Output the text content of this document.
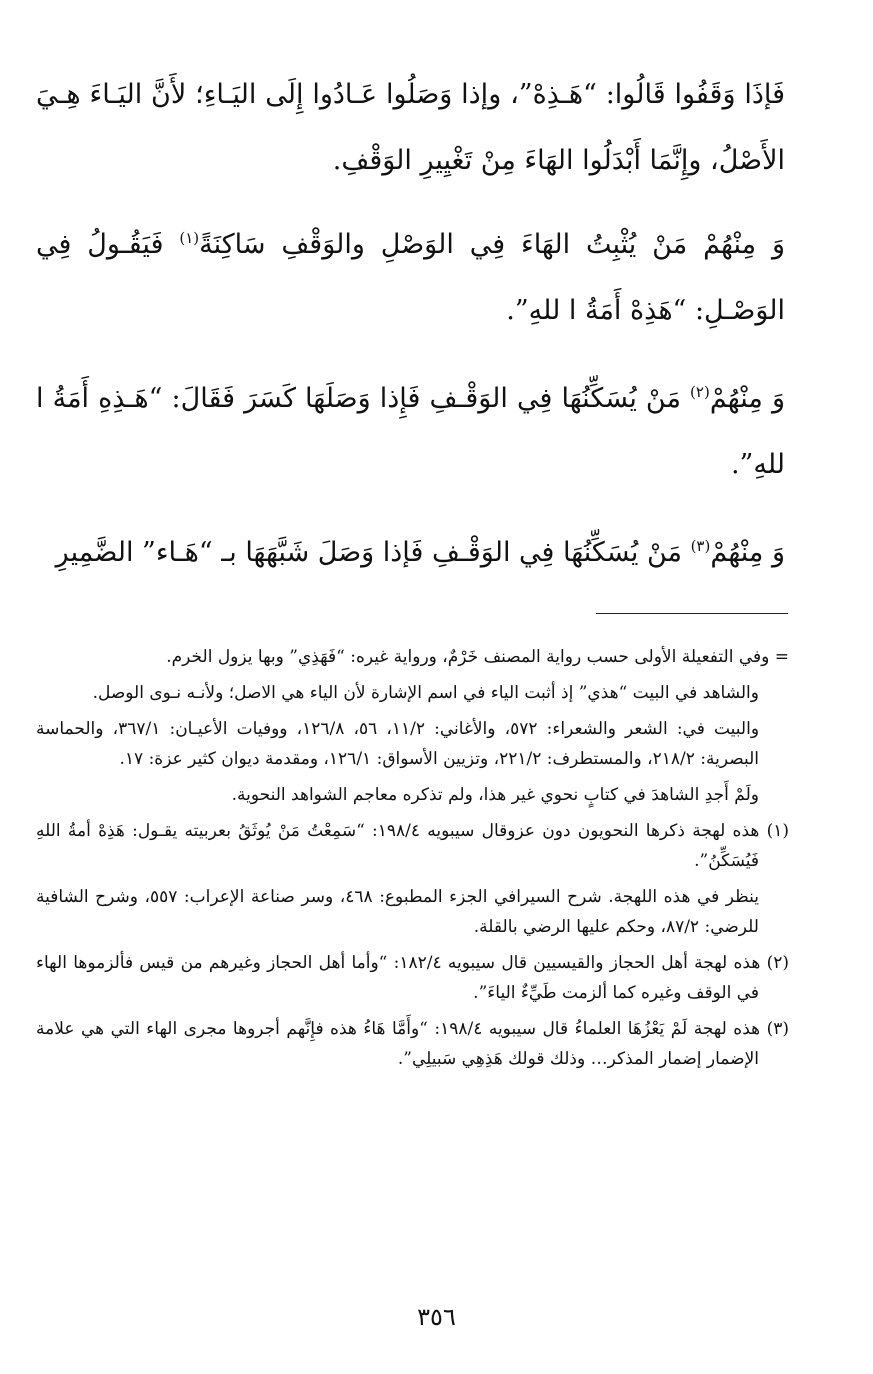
فَإذَا وَقَفُوا قَالُوا: “هَـذِهْ”، وإذا وَصَلُوا عَـادُوا إِلَى اليَـاءِ؛ لأَنَّ اليَـاءَ هِـيَ الأَصْلُ، وإِنَّمَا أَبْدَلُوا الهَاءَ مِنْ تَغْيِيرِ الوَقْفِ.

وَ مِنْهُمْ مَنْ يُثْبِتُ الهَاءَ فِي الوَصْلِ والوَقْفِ سَاكِنَةً$^{(١)}$ فَيَقُـولُ فِي الوَصْـلِ: “هَذِهْ أَمَةُ ا للهِ”.

وَ مِنْهُمْ$^{(٢)}$ مَنْ يُسَكِّنُهَا فِي الوَقْـفِ فَإِذا وَصَلَهَا كَسَرَ فَقَالَ: “هَـذِهِ أَمَةُ ا للهِ”.

وَ مِنْهُمْ$^{(٣)}$ مَنْ يُسَكِّنُهَا فِي الوَقْـفِ فَإذا وَصَلَ شَبَّهَهَا بـ “هَـاء” الضَّمِيرِ

= وفي التفعيلة الأولى حسب رواية المصنف خَرْمٌ، ورواية غيره: “فَهَذِي” وبها يزول الخرم.

والشاهد في البيت “هذي” إذ أثبت الياء في اسم الإشارة لأن الياء هي الاصل؛ ولأنـه نـوى الوصل.

والبيت في: الشعر والشعراء: ٥٧٢، والأغاني: ١١/٢، ٥٦، ١٢٦/٨، ووفيات الأعيـان: ٣٦٧/١، والحماسة البصرية: ٢١٨/٢، والمستطرف: ٢٢١/٢، وتزيين الأسواق: ١٢٦/١، ومقدمة ديوان كثير عزة: ١٧.

ولَمْ أَجدِ الشاهدَ في كتابٍ نحوي غير هذا، ولم تذكره معاجم الشواهد النحوية.

(١) هذه لهجة ذكرها النحويون دون عزوقال سيبويه ١٩٨/٤: “سَمِعْتُ مَنْ يُوثَقُ بعربيته يقـول: هَذِهْ أمةُ اللهِ فَيُسَكِّنُ”.

ينظر في هذه اللهجة. شرح السيرافي الجزء المطبوع: ٤٦٨، وسر صناعة الإعراب: ٥٥٧، وشرح الشافية للرضي: ٨٧/٢، وحكم عليها الرضي بالقلة.

(٢) هذه لهجة أهل الحجاز والقيسيين قال سيبويه ١٨٢/٤: “وأما أهل الحجاز وغيرهم من قيس فألزموها الهاء في الوقف وغيره كما ألزمت طَيِّءٌ الياءَ”.

(٣) هذه لهجة لَمْ يَعْزُهَا العلماءُ قال سيبويه ١٩٨/٤: “وأَمَّا هَاءُ هذه فإِنَّهم أجروها مجرى الهاء التي هي علامة الإضمار إضمار المذكر… وذلك قولك هَذِهِي سَبيلِي”.

٣٥٦
